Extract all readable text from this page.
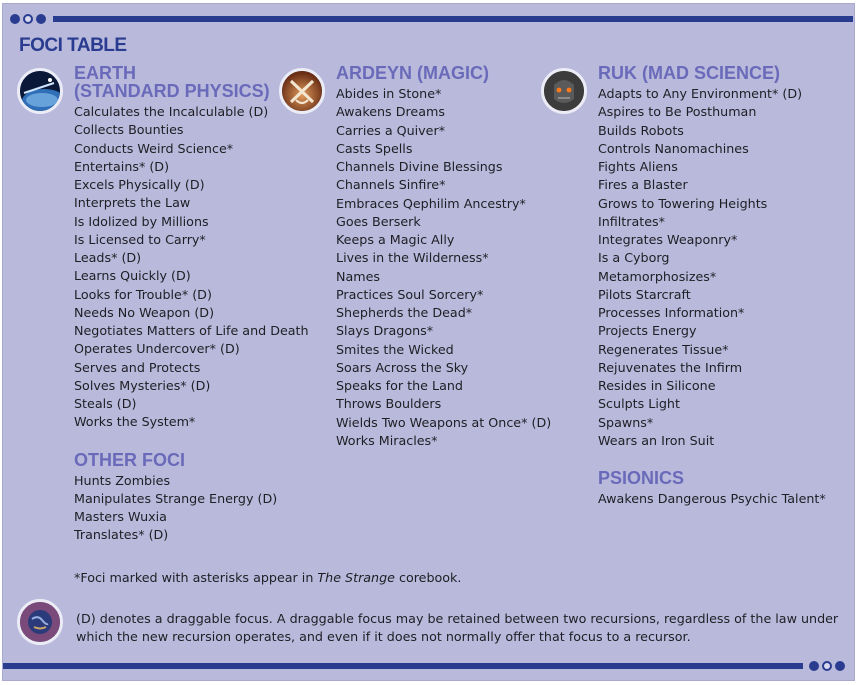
FOCI TABLE
EARTH
(STANDARD PHYSICS)
Calculates the Incalculable (D)
Collects Bounties
Conducts Weird Science*
Entertains* (D)
Excels Physically (D)
Interprets the Law
Is Idolized by Millions
Is Licensed to Carry*
Leads* (D)
Learns Quickly (D)
Looks for Trouble* (D)
Needs No Weapon (D)
Negotiates Matters of Life and Death
Operates Undercover* (D)
Serves and Protects
Solves Mysteries* (D)
Steals (D)
Works the System*
OTHER FOCI
Hunts Zombies
Manipulates Strange Energy (D)
Masters Wuxia
Translates* (D)
ARDEYN (MAGIC)
Abides in Stone*
Awakens Dreams
Carries a Quiver*
Casts Spells
Channels Divine Blessings
Channels Sinfire*
Embraces Qephilim Ancestry*
Goes Berserk
Keeps a Magic Ally
Lives in the Wilderness*
Names
Practices Soul Sorcery*
Shepherds the Dead*
Slays Dragons*
Smites the Wicked
Soars Across the Sky
Speaks for the Land
Throws Boulders
Wields Two Weapons at Once* (D)
Works Miracles*
RUK (MAD SCIENCE)
Adapts to Any Environment* (D)
Aspires to Be Posthuman
Builds Robots
Controls Nanomachines
Fights Aliens
Fires a Blaster
Grows to Towering Heights
Infiltrates*
Integrates Weaponry*
Is a Cyborg
Metamorphosizes*
Pilots Starcraft
Processes Information*
Projects Energy
Regenerates Tissue*
Rejuvenates the Infirm
Resides in Silicone
Sculpts Light
Spawns*
Wears an Iron Suit
PSIONICS
Awakens Dangerous Psychic Talent*
*Foci marked with asterisks appear in The Strange corebook.
(D) denotes a draggable focus. A draggable focus may be retained between two recursions, regardless of the law under which the new recursion operates, and even if it does not normally offer that focus to a recursor.
